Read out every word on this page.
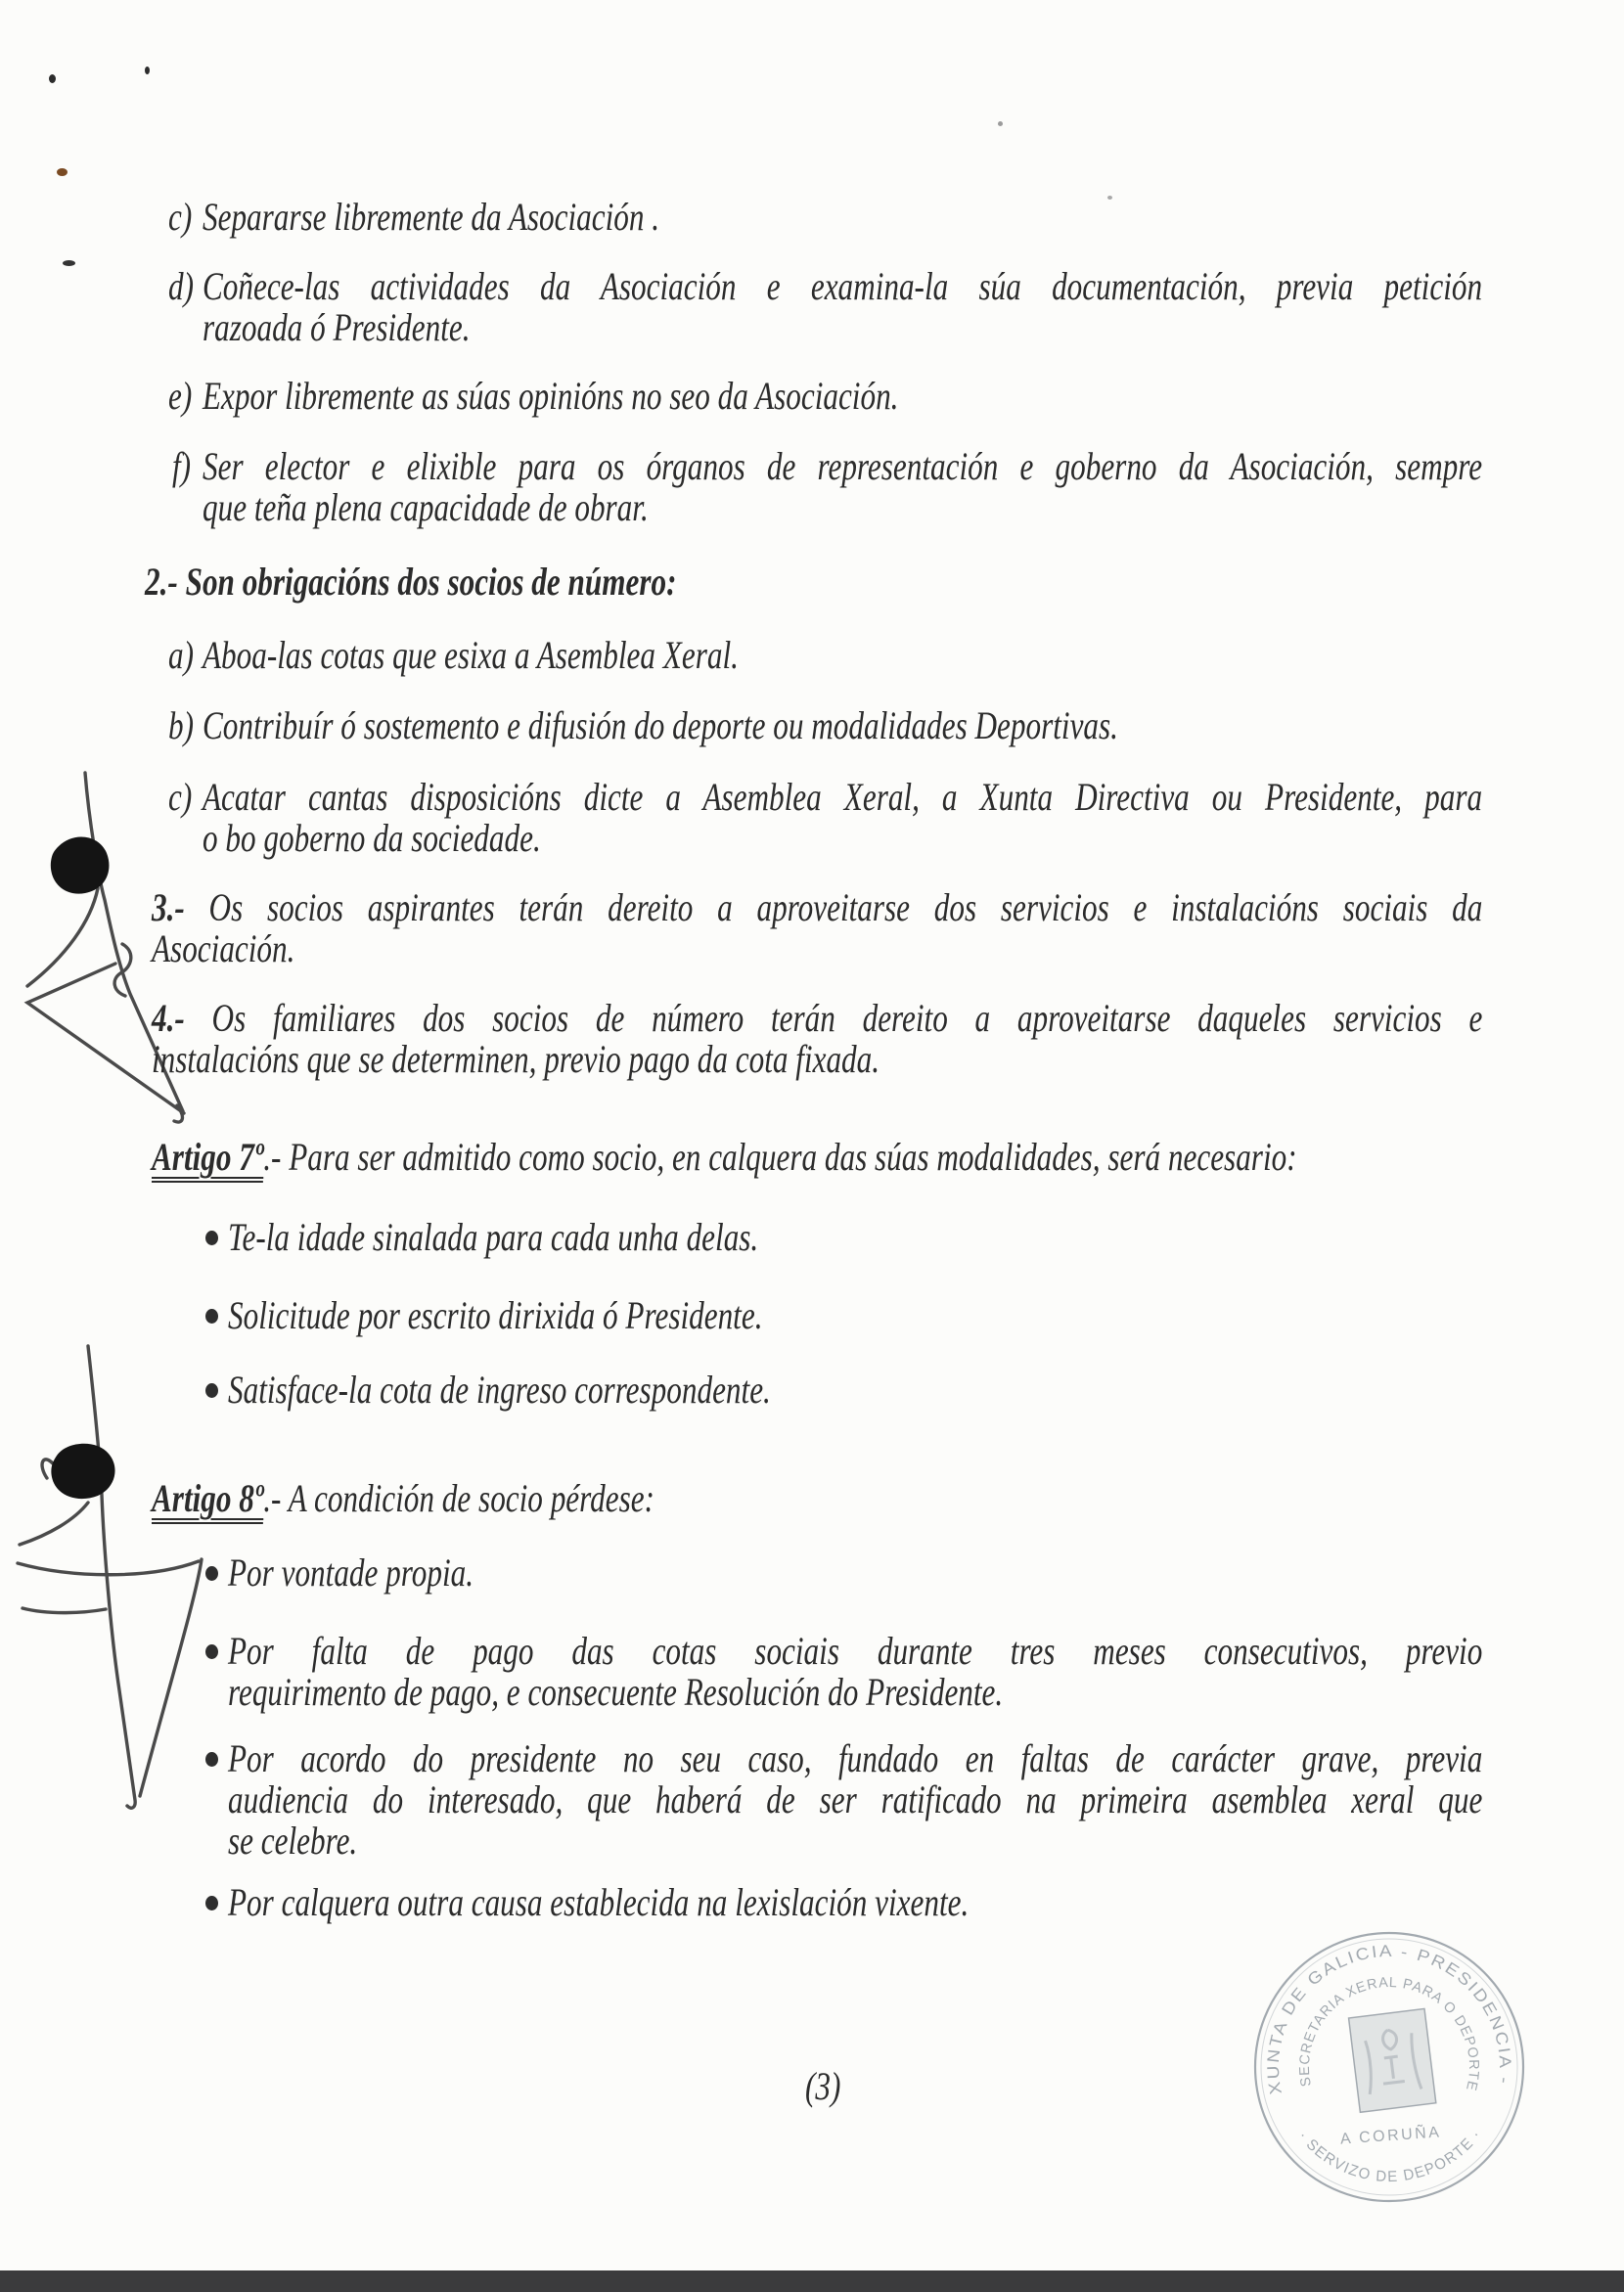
c) Separarse libremente da Asociación .
d) Coñece-las actividades da Asociación e examina-la súa documentación, previa petición
razoada ó Presidente.
e) Expor libremente as súas opinións no seo da Asociación.
f) Ser elector e elixible para os órganos de representación e goberno da Asociación, sempre
que teña plena capacidade de obrar.
2.- Son obrigacións dos socios de número:
a) Aboa-las cotas que esixa a Asemblea Xeral.
b) Contribuír ó sostemento e difusión do deporte ou modalidades Deportivas.
c) Acatar cantas disposicións dicte a Asemblea Xeral, a Xunta Directiva ou Presidente, para
o bo goberno da sociedade.
3.- Os socios aspirantes terán dereito a aproveitarse dos servicios e instalacións sociais da
Asociación.
4.- Os familiares dos socios de número terán dereito a aproveitarse daqueles servicios e
instalacións que se determinen, previo pago da cota fixada.
Artigo 7º.- Para ser admitido como socio, en calquera das súas modalidades, será necesario:
Te-la idade sinalada para cada unha delas.
Solicitude por escrito dirixida ó Presidente.
Satisface-la cota de ingreso correspondente.
Artigo 8º.- A condición de socio pérdese:
Por vontade propia.
Por falta de pago das cotas sociais durante tres meses consecutivos, previo
requirimento de pago, e consecuente Resolución do Presidente.
Por acordo do presidente no seu caso, fundado en faltas de carácter grave, previa
audiencia do interesado, que haberá de ser ratificado na primeira asemblea xeral que
se celebre.
Por calquera outra causa establecida na lexislación vixente.
(3)	XUNTA DE GALICIA - PRESIDENCIA -
· SERVIZO DE DEPORTE ·
SECRETARIA XERAL PARA O DEPORTE
A CORUÑA
